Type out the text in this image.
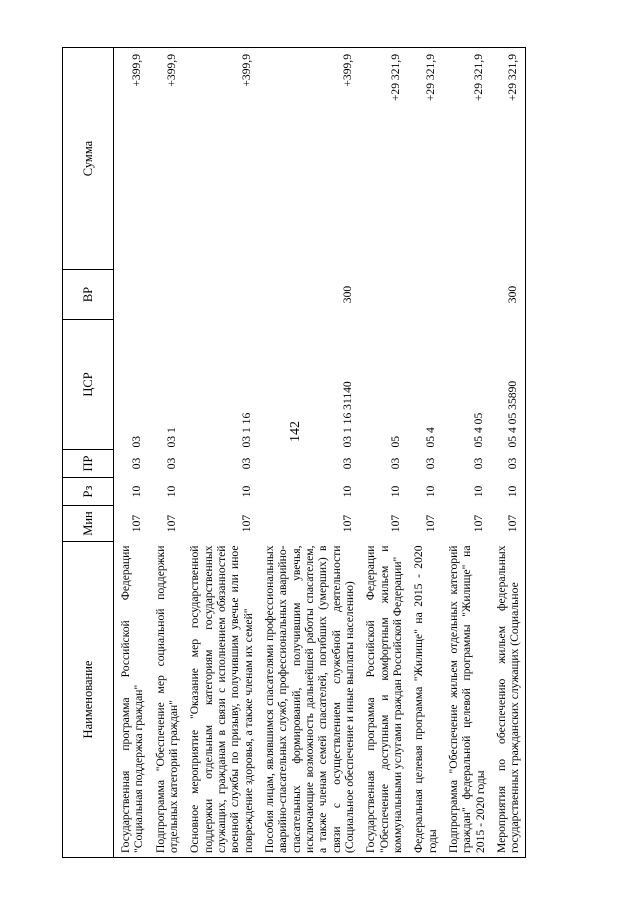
142
Наименование	Мин	Рз	ПР	ЦСР	ВР	Сумма
Государственная программа Российской Федерации "Социальная поддержка граждан"	107	10	03	03		+399,9
Подпрограмма "Обеспечение мер социальной поддержки отдельных категорий граждан"	107	10	03	03 1		+399,9
Основное мероприятие "Оказание мер государственной поддержки отдельным категориям государственных служащих, гражданам в связи с исполнением обязанностей военной службы по призыву, получившим увечье или иное повреждение здоровья, а также членам их семей"	107	10	03	03 1 16		+399,9
Пособия лицам, являвшимся спасателями профессиональных аварийно-спасательных служб, профессиональных аварийно-спасательных формирований, получившим увечья, исключающие возможность дальнейшей работы спасателем, а также членам семей спасателей, погибших (умерших) в связи с осуществлением служебной деятельности (Социальное обеспечение и иные выплаты населению)	107	10	03	03 1 16 31140	300	+399,9
Государственная программа Российской Федерации "Обеспечение доступным и комфортным жильем и коммунальными услугами граждан Российской Федерации"	107	10	03	05		+29 321,9
Федеральная целевая программа "Жилище" на 2015 - 2020 годы	107	10	03	05 4		+29 321,9
Подпрограмма "Обеспечение жильем отдельных категорий граждан" федеральной целевой программы "Жилище" на 2015 - 2020 годы	107	10	03	05 4 05		+29 321,9
Мероприятия по обеспечению жильем федеральных государственных гражданских служащих (Социальное	107	10	03	05 4 05 35890	300	+29 321,9
